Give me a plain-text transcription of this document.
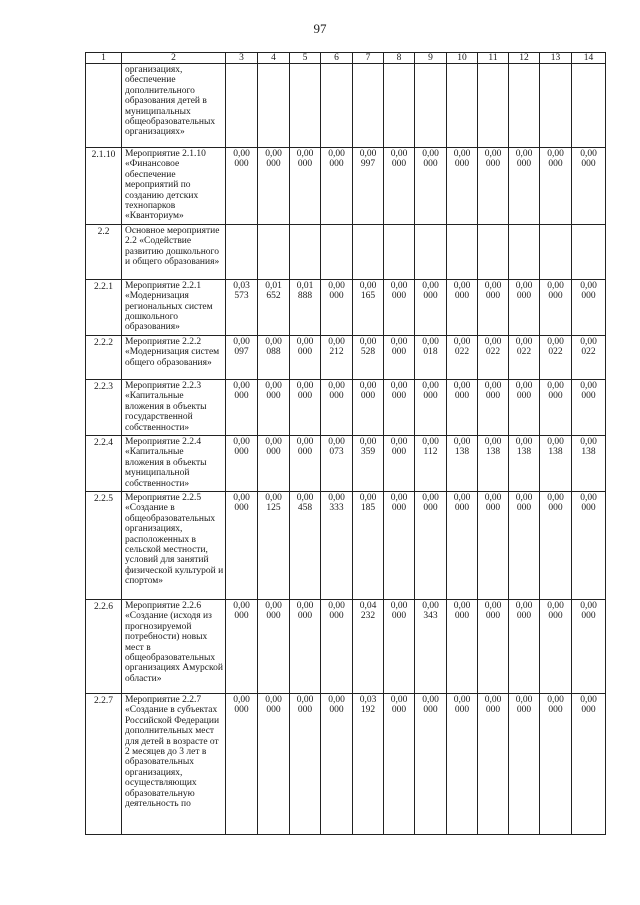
97
1	2	3	4	5	6	7	8	9	10	11	12	13	14
	организациях, обеспечение дополнительного образования детей в муниципальных общеобразовательных организациях»												
2.1.10	Мероприятие 2.1.10 «Финансовое обеспечение мероприятий по созданию детских технопарков «Кванториум»	0,00 000	0,00 000	0,00 000	0,00 000	0,00 997	0,00 000	0,00 000	0,00 000	0,00 000	0,00 000	0,00 000	0,00 000
2.2	Основное мероприятие 2.2 «Содействие развитию дошкольного и общего образования»												
2.2.1	Мероприятие 2.2.1 «Модернизация региональных систем дошкольного образования»	0,03 573	0,01 652	0,01 888	0,00 000	0,00 165	0,00 000	0,00 000	0,00 000	0,00 000	0,00 000	0,00 000	0,00 000
2.2.2	Мероприятие 2.2.2 «Модернизация систем общего образования»	0,00 097	0,00 088	0,00 000	0,00 212	0,00 528	0,00 000	0,00 018	0,00 022	0,00 022	0,00 022	0,00 022	0,00 022
2.2.3	Мероприятие 2.2.3 «Капитальные вложения в объекты государственной собственности»	0,00 000	0,00 000	0,00 000	0,00 000	0,00 000	0,00 000	0,00 000	0,00 000	0,00 000	0,00 000	0,00 000	0,00 000
2.2.4	Мероприятие 2.2.4 «Капитальные вложения в объекты муниципальной собственности»	0,00 000	0,00 000	0,00 000	0,00 073	0,00 359	0,00 000	0,00 112	0,00 138	0,00 138	0,00 138	0,00 138	0,00 138
2.2.5	Мероприятие 2.2.5 «Создание в общеобразовательных организациях, расположенных в сельской местности, условий для занятий физической культурой и спортом»	0,00 000	0,00 125	0,00 458	0,00 333	0,00 185	0,00 000	0,00 000	0,00 000	0,00 000	0,00 000	0,00 000	0,00 000
2.2.6	Мероприятие 2.2.6 «Создание (исходя из прогнозируемой потребности) новых мест в общеобразовательных организациях Амурской области»	0,00 000	0,00 000	0,00 000	0,00 000	0,04 232	0,00 000	0,00 343	0,00 000	0,00 000	0,00 000	0,00 000	0,00 000
2.2.7	Мероприятие 2.2.7 «Создание в субъектах Российской Федерации дополнительных мест для детей в возрасте от 2 месяцев до 3 лет в образовательных организациях, осуществляющих образовательную деятельность по	0,00 000	0,00 000	0,00 000	0,00 000	0,03 192	0,00 000	0,00 000	0,00 000	0,00 000	0,00 000	0,00 000	0,00 000
